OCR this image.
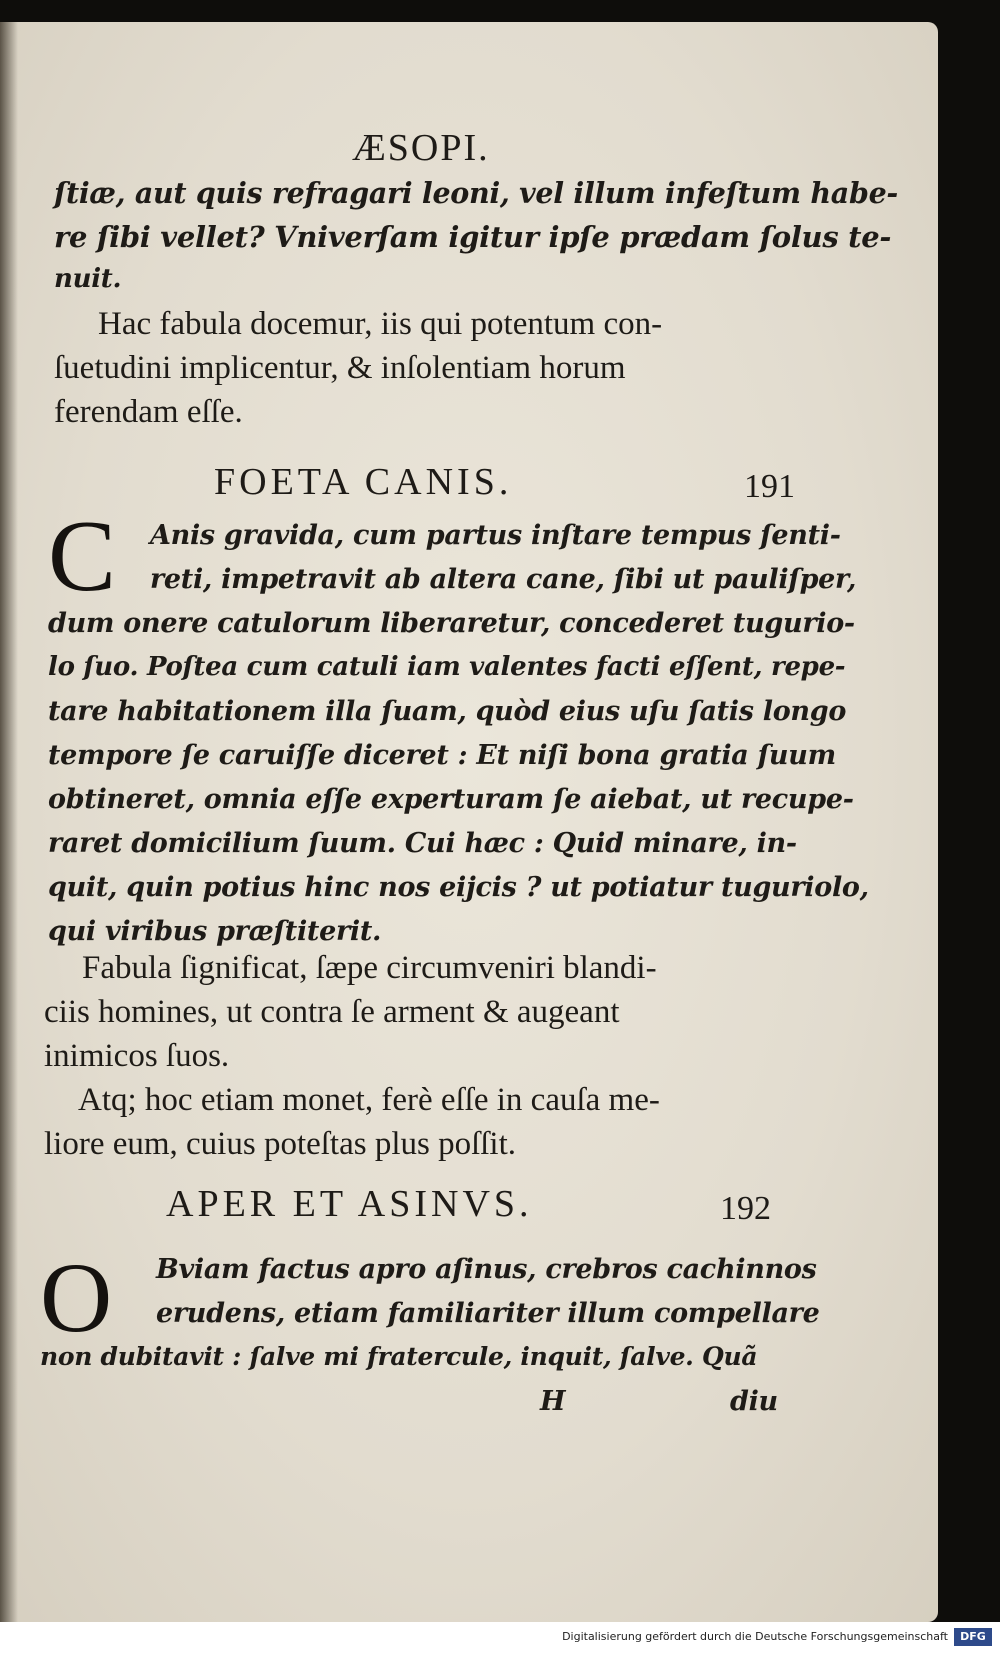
ÆSOPI.
ſtiæ, aut quis refragari leoni, vel illum infeſtum habe-
re ſibi vellet? Vniverſam igitur ipſe prædam ſolus te-
nuit.
Hac fabula docemur, iis qui potentum con-
ſuetudini implicentur, & inſolentiam horum
ferendam eſſe.
FOETA CANIS.	191
C Anis gravida, cum partus inſtare tempus ſenti-
reti, impetravit ab altera cane, ſibi ut pauliſper,
dum onere catulorum liberaretur, concederet tugurio-
lo ſuo. Poſtea cum catuli iam valentes facti eſſent, repe-
tare habitationem illa ſuam, quòd eius uſu ſatis longo
tempore ſe caruiſſe diceret : Et niſi bona gratia ſuum
obtineret, omnia eſſe experturam ſe aiebat, ut recupe-
raret domicilium ſuum. Cui hæc : Quid minare, in-
quit, quin potius hinc nos eijcis ? ut potiatur tuguriolo,
qui viribus præſtiterit.
Fabula ſignificat, ſæpe circumveniri blandi-
ciis homines, ut contra ſe arment & augeant
inimicos ſuos.
Atq; hoc etiam monet, ferè eſſe in cauſa me-
liore eum, cuius poteſtas plus poſſit.
APER ET ASINVS.	192
O Bviam factus apro aſinus, crebros cachinnos
erudens, etiam familiariter illum compellare
non dubitavit : ſalve mi fratercule, inquit, ſalve. Quã
H	diu
Digitalisierung gefördert durch die Deutsche Forschungsgemeinschaft	DFG
